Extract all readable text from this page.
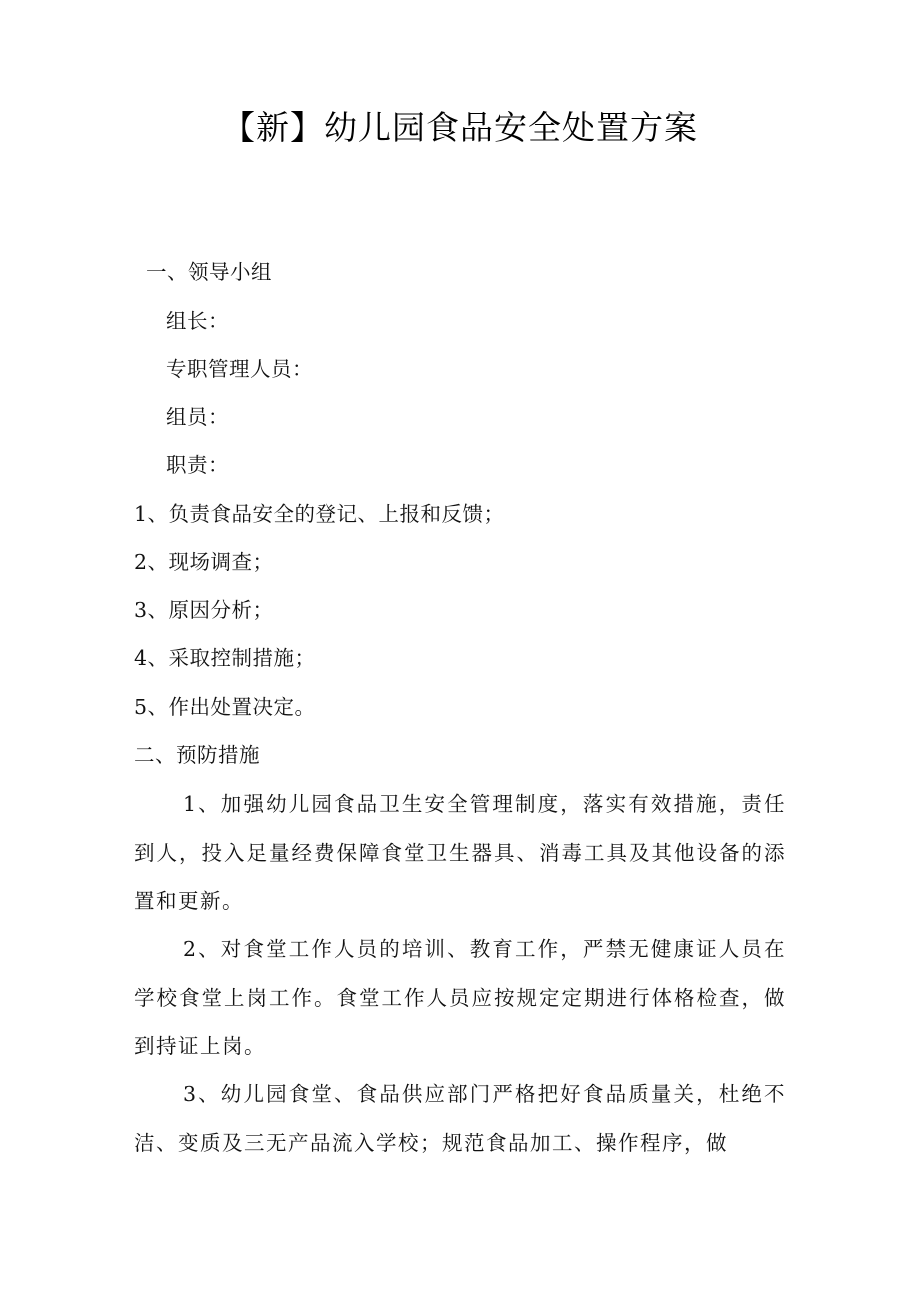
【新】幼儿园食品安全处置方案
一、领导小组
组长：
专职管理人员：
组员：
职责：
1、负责食品安全的登记、上报和反馈；
2、现场调查；
3、原因分析；
4、采取控制措施；
5、作出处置决定。
二、预防措施
1、加强幼儿园食品卫生安全管理制度，落实有效措施，责任到人，投入足量经费保障食堂卫生器具、消毒工具及其他设备的添置和更新。
2、对食堂工作人员的培训、教育工作，严禁无健康证人员在学校食堂上岗工作。食堂工作人员应按规定定期进行体格检查，做到持证上岗。
3、幼儿园食堂、食品供应部门严格把好食品质量关，杜绝不洁、变质及三无产品流入学校；规范食品加工、操作程序，做
